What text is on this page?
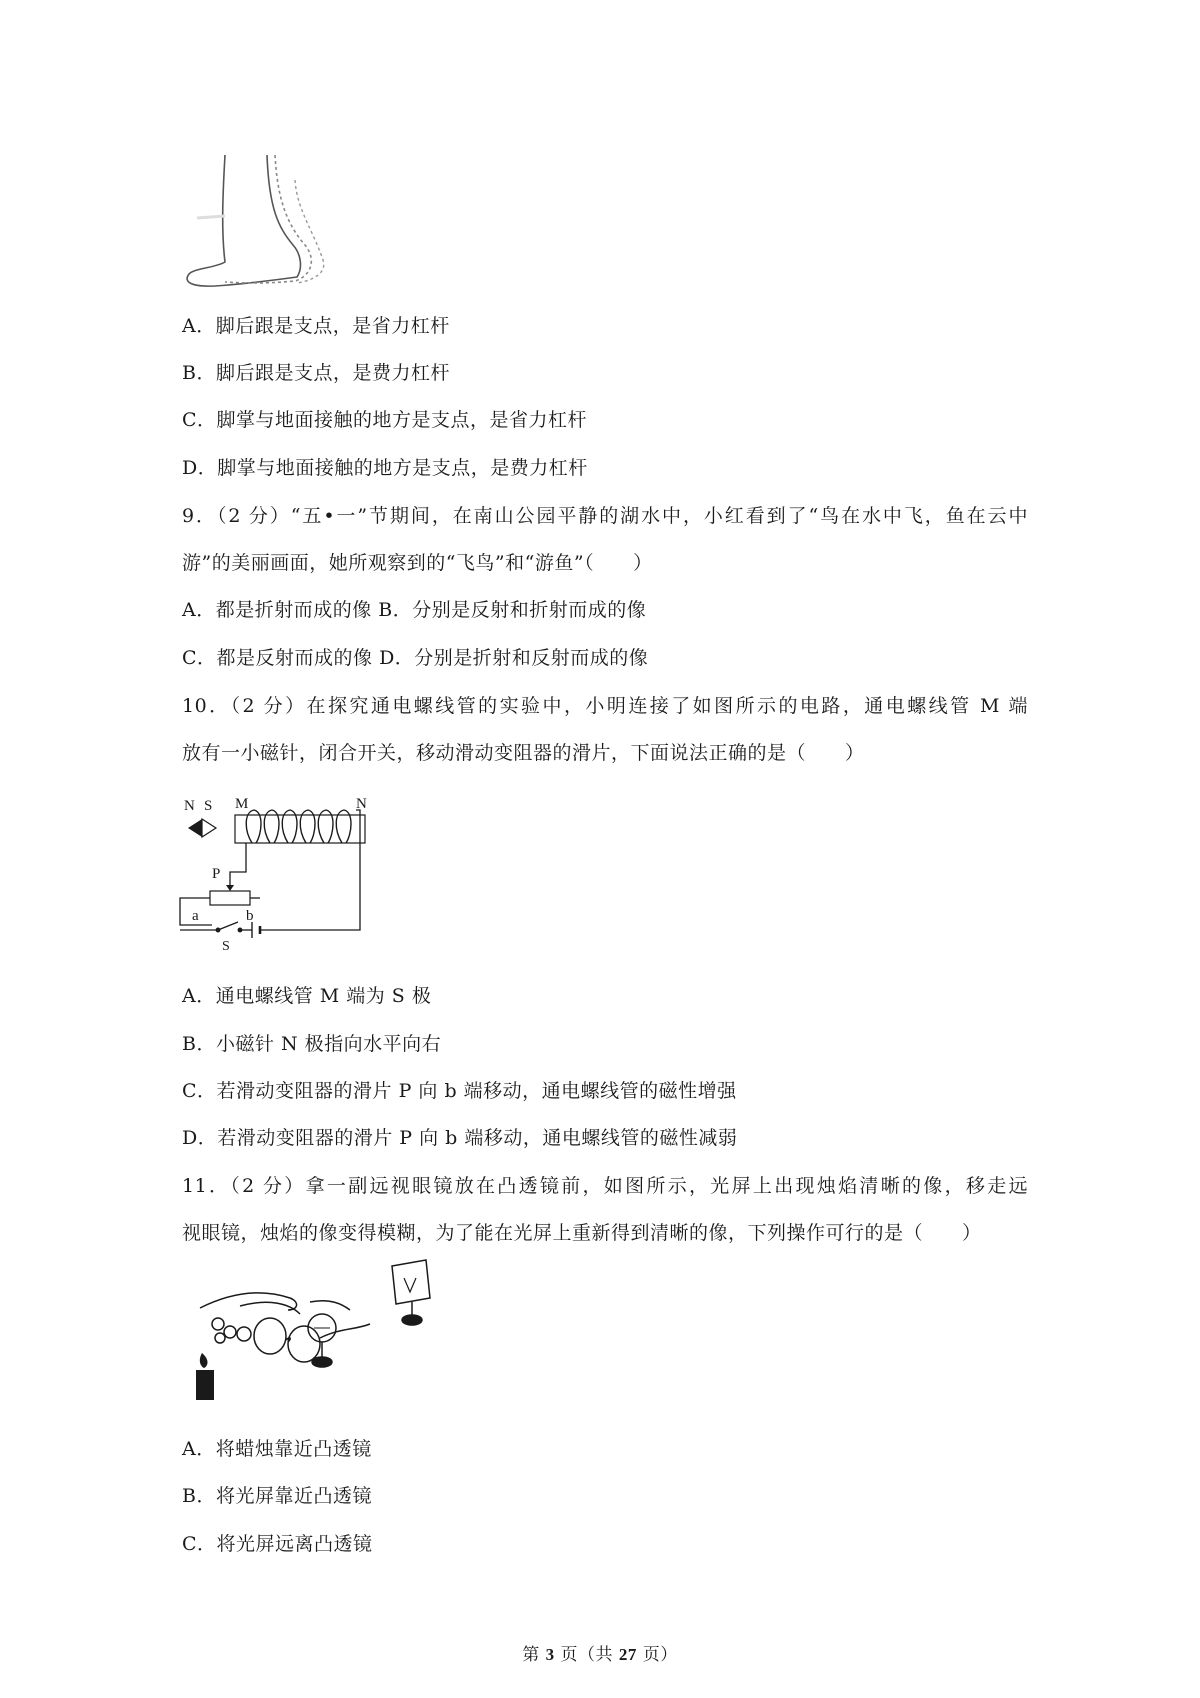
A．脚后跟是支点，是省力杠杆
B．脚后跟是支点，是费力杠杆
C．脚掌与地面接触的地方是支点，是省力杠杆
D．脚掌与地面接触的地方是支点，是费力杠杆
9．（2 分）“五•一”节期间，在南山公园平静的湖水中，小红看到了“鸟在水中飞，鱼在云中
游”的美丽画面，她所观察到的“飞鸟”和“游鱼”（　　）
A．都是折射而成的像 B．分别是反射和折射而成的像
C．都是反射而成的像 D．分别是折射和反射而成的像
10．（2 分）在探究通电螺线管的实验中，小明连接了如图所示的电路，通电螺线管 M 端
放有一小磁针，闭合开关，移动滑动变阻器的滑片，下面说法正确的是（　　）
N S M	N
P
a	b
S
A．通电螺线管 M 端为 S 极
B．小磁针 N 极指向水平向右
C．若滑动变阻器的滑片 P 向 b 端移动，通电螺线管的磁性增强
D．若滑动变阻器的滑片 P 向 b 端移动，通电螺线管的磁性减弱
11．（2 分）拿一副远视眼镜放在凸透镜前，如图所示，光屏上出现烛焰清晰的像，移走远
视眼镜，烛焰的像变得模糊，为了能在光屏上重新得到清晰的像，下列操作可行的是（　　）
A．将蜡烛靠近凸透镜
B．将光屏靠近凸透镜
C．将光屏远离凸透镜
第 3 页（共 27 页）
